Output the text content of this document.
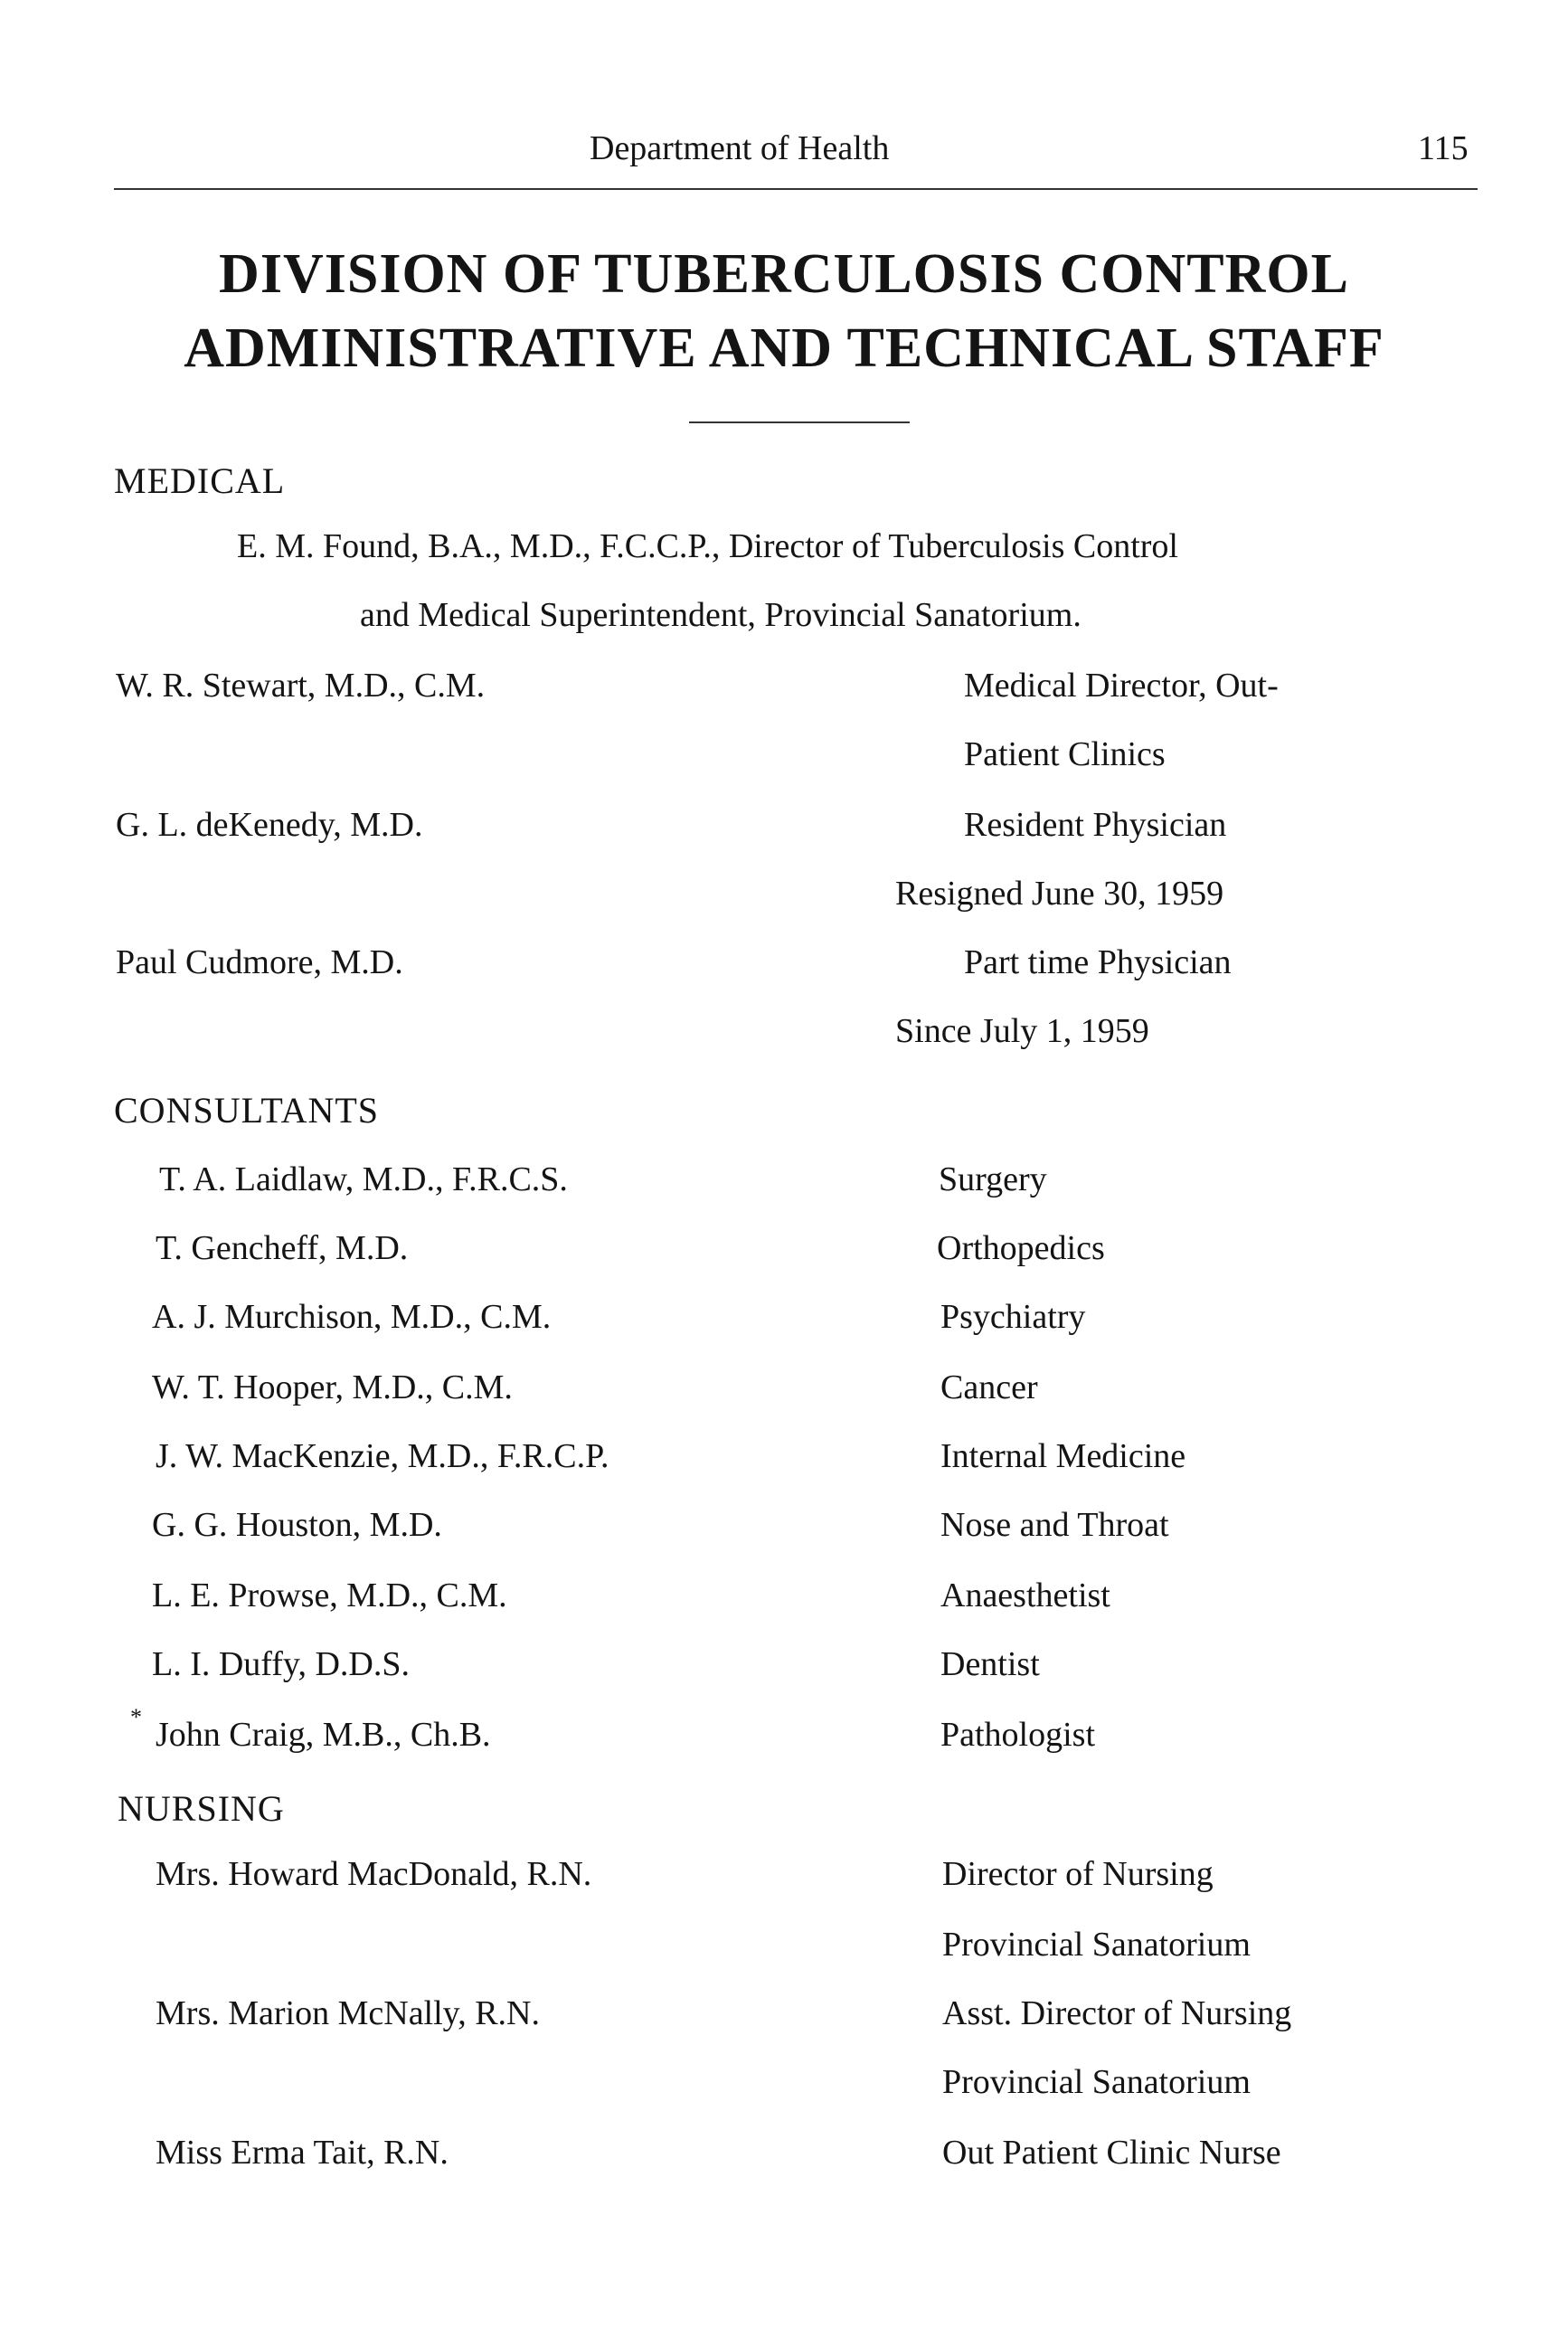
Department of Health	115
DIVISION OF TUBERCULOSIS CONTROL
ADMINISTRATIVE AND TECHNICAL STAFF
MEDICAL
E. M. Found, B.A., M.D., F.C.C.P., Director of Tuberculosis Control
and Medical Superintendent, Provincial Sanatorium.
W. R. Stewart, M.D., C.M.	Medical Director, Out-
Patient Clinics
G. L. deKenedy, M.D.	Resident Physician
Resigned June 30, 1959
Paul Cudmore, M.D.	Part time Physician
Since July 1, 1959
CONSULTANTS
T. A. Laidlaw, M.D., F.R.C.S.	Surgery
T. Gencheff, M.D.	Orthopedics
A. J. Murchison, M.D., C.M.	Psychiatry
W. T. Hooper, M.D., C.M.	Cancer
J. W. MacKenzie, M.D., F.R.C.P.	Internal Medicine
G. G. Houston, M.D.	Nose and Throat
L. E. Prowse, M.D., C.M.	Anaesthetist
L. I. Duffy, D.D.S.	Dentist
* John Craig, M.B., Ch.B.	Pathologist
NURSING
Mrs. Howard MacDonald, R.N.	Director of Nursing
Provincial Sanatorium
Mrs. Marion McNally, R.N.	Asst. Director of Nursing
Provincial Sanatorium
Miss Erma Tait, R.N.	Out Patient Clinic Nurse
